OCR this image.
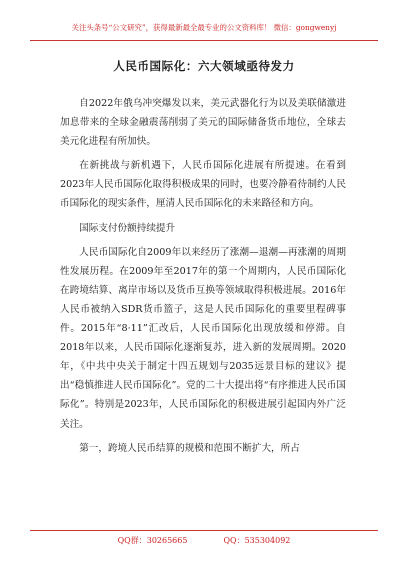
关注头条号“公文研究”，获得最新最全最专业的公文资料库！ 微信：gongwenyj
人民币国际化：六大领域亟待发力

自2022年俄乌冲突爆发以来，美元武器化行为以及美联储激进加息带来的全球金融震荡削弱了美元的国际储备货币地位，全球去美元化进程有所加快。

在新挑战与新机遇下，人民币国际化进展有所提速。在看到2023年人民币国际化取得积极成果的同时，也要冷静看待制约人民币国际化的现实条件，厘清人民币国际化的未来路径和方向。

国际支付份额持续提升

人民币国际化自2009年以来经历了涨潮—退潮—再涨潮的周期性发展历程。在2009年至2017年的第一个周期内，人民币国际化在跨境结算、离岸市场以及货币互换等领域取得积极进展。2016年人民币被纳入SDR货币篮子，这是人民币国际化的重要里程碑事件。2015年“8·11”汇改后，人民币国际化出现放缓和停滞。自2018年以来，人民币国际化逐渐复苏，进入新的发展周期。2020年，《中共中央关于制定十四五规划与2035远景目标的建议》提出“稳慎推进人民币国际化”。党的二十大提出将“有序推进人民币国际化”。特别是2023年，人民币国际化的积极进展引起国内外广泛关注。

第一，跨境人民币结算的规模和范围不断扩大，所占

QQ群：30265665	QQ：535304092
